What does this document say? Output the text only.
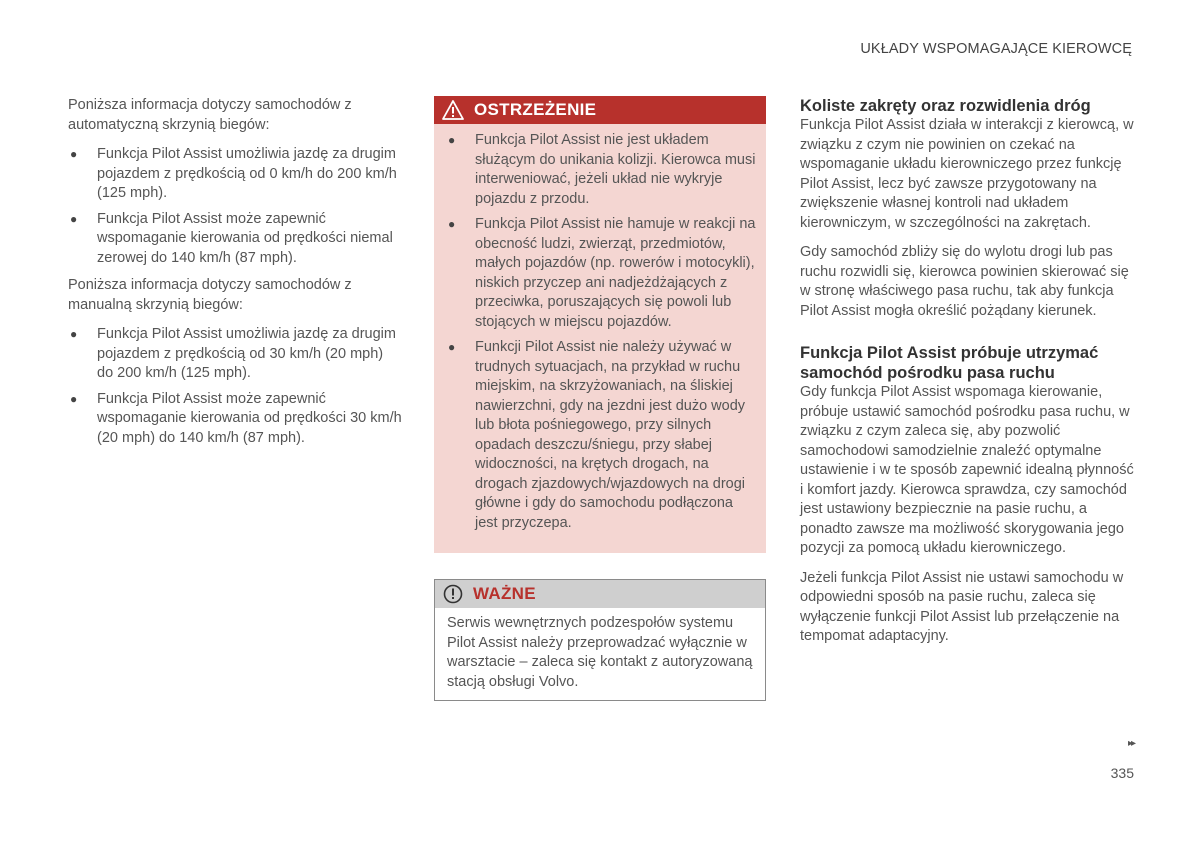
UKŁADY WSPOMAGAJĄCE KIEROWCĘ

Poniższa informacja dotyczy samochodów z automatyczną skrzynią biegów:

● Funkcja Pilot Assist umożliwia jazdę za drugim pojazdem z prędkością od 0 km/h do 200 km/h (125 mph).
● Funkcja Pilot Assist może zapewnić wspomaganie kierowania od prędkości niemal zerowej do 140 km/h (87 mph).

Poniższa informacja dotyczy samochodów z manualną skrzynią biegów:

● Funkcja Pilot Assist umożliwia jazdę za drugim pojazdem z prędkością od 30 km/h (20 mph) do 200 km/h (125 mph).
● Funkcja Pilot Assist może zapewnić wspomaganie kierowania od prędkości 30 km/h (20 mph) do 140 km/h (87 mph).
OSTRZEŻENIE
● Funkcja Pilot Assist nie jest układem służącym do unikania kolizji. Kierowca musi interweniować, jeżeli układ nie wykryje pojazdu z przodu.
● Funkcja Pilot Assist nie hamuje w reakcji na obecność ludzi, zwierząt, przedmiotów, małych pojazdów (np. rowerów i motocykli), niskich przyczep ani nadjeżdżających z przeciwka, poruszających się powoli lub stojących w miejscu pojazdów.
● Funkcji Pilot Assist nie należy używać w trudnych sytuacjach, na przykład w ruchu miejskim, na skrzyżowaniach, na śliskiej nawierzchni, gdy na jezdni jest dużo wody lub błota pośniegowego, przy silnych opadach deszczu/śniegu, przy słabej widoczności, na krętych drogach, na drogach zjazdowych/wjazdowych na drogi główne i gdy do samochodu podłączona jest przyczepa.
WAŻNE
Serwis wewnętrznych podzespołów systemu Pilot Assist należy przeprowadzać wyłącznie w warsztacie – zaleca się kontakt z autoryzowaną stacją obsługi Volvo.
Koliste zakręty oraz rozwidlenia dróg

Funkcja Pilot Assist działa w interakcji z kierowcą, w związku z czym nie powinien on czekać na wspomaganie układu kierowniczego przez funkcję Pilot Assist, lecz być zawsze przygotowany na zwiększenie własnej kontroli nad układem kierowniczym, w szczególności na zakrętach.

Gdy samochód zbliży się do wylotu drogi lub pas ruchu rozwidli się, kierowca powinien skierować się w stronę właściwego pasa ruchu, tak aby funkcja Pilot Assist mogła określić pożądany kierunek.

Funkcja Pilot Assist próbuje utrzymać samochód pośrodku pasa ruchu

Gdy funkcja Pilot Assist wspomaga kierowanie, próbuje ustawić samochód pośrodku pasa ruchu, w związku z czym zaleca się, aby pozwolić samochodowi samodzielnie znaleźć optymalne ustawienie i w te sposób zapewnić idealną płynność i komfort jazdy. Kierowca sprawdza, czy samochód jest ustawiony bezpiecznie na pasie ruchu, a ponadto zawsze ma możliwość skorygowania jego pozycji za pomocą układu kierowniczego.

Jeżeli funkcja Pilot Assist nie ustawi samochodu w odpowiedni sposób na pasie ruchu, zaleca się wyłączenie funkcji Pilot Assist lub przełączenie na tempomat adaptacyjny.

▸▸
335
